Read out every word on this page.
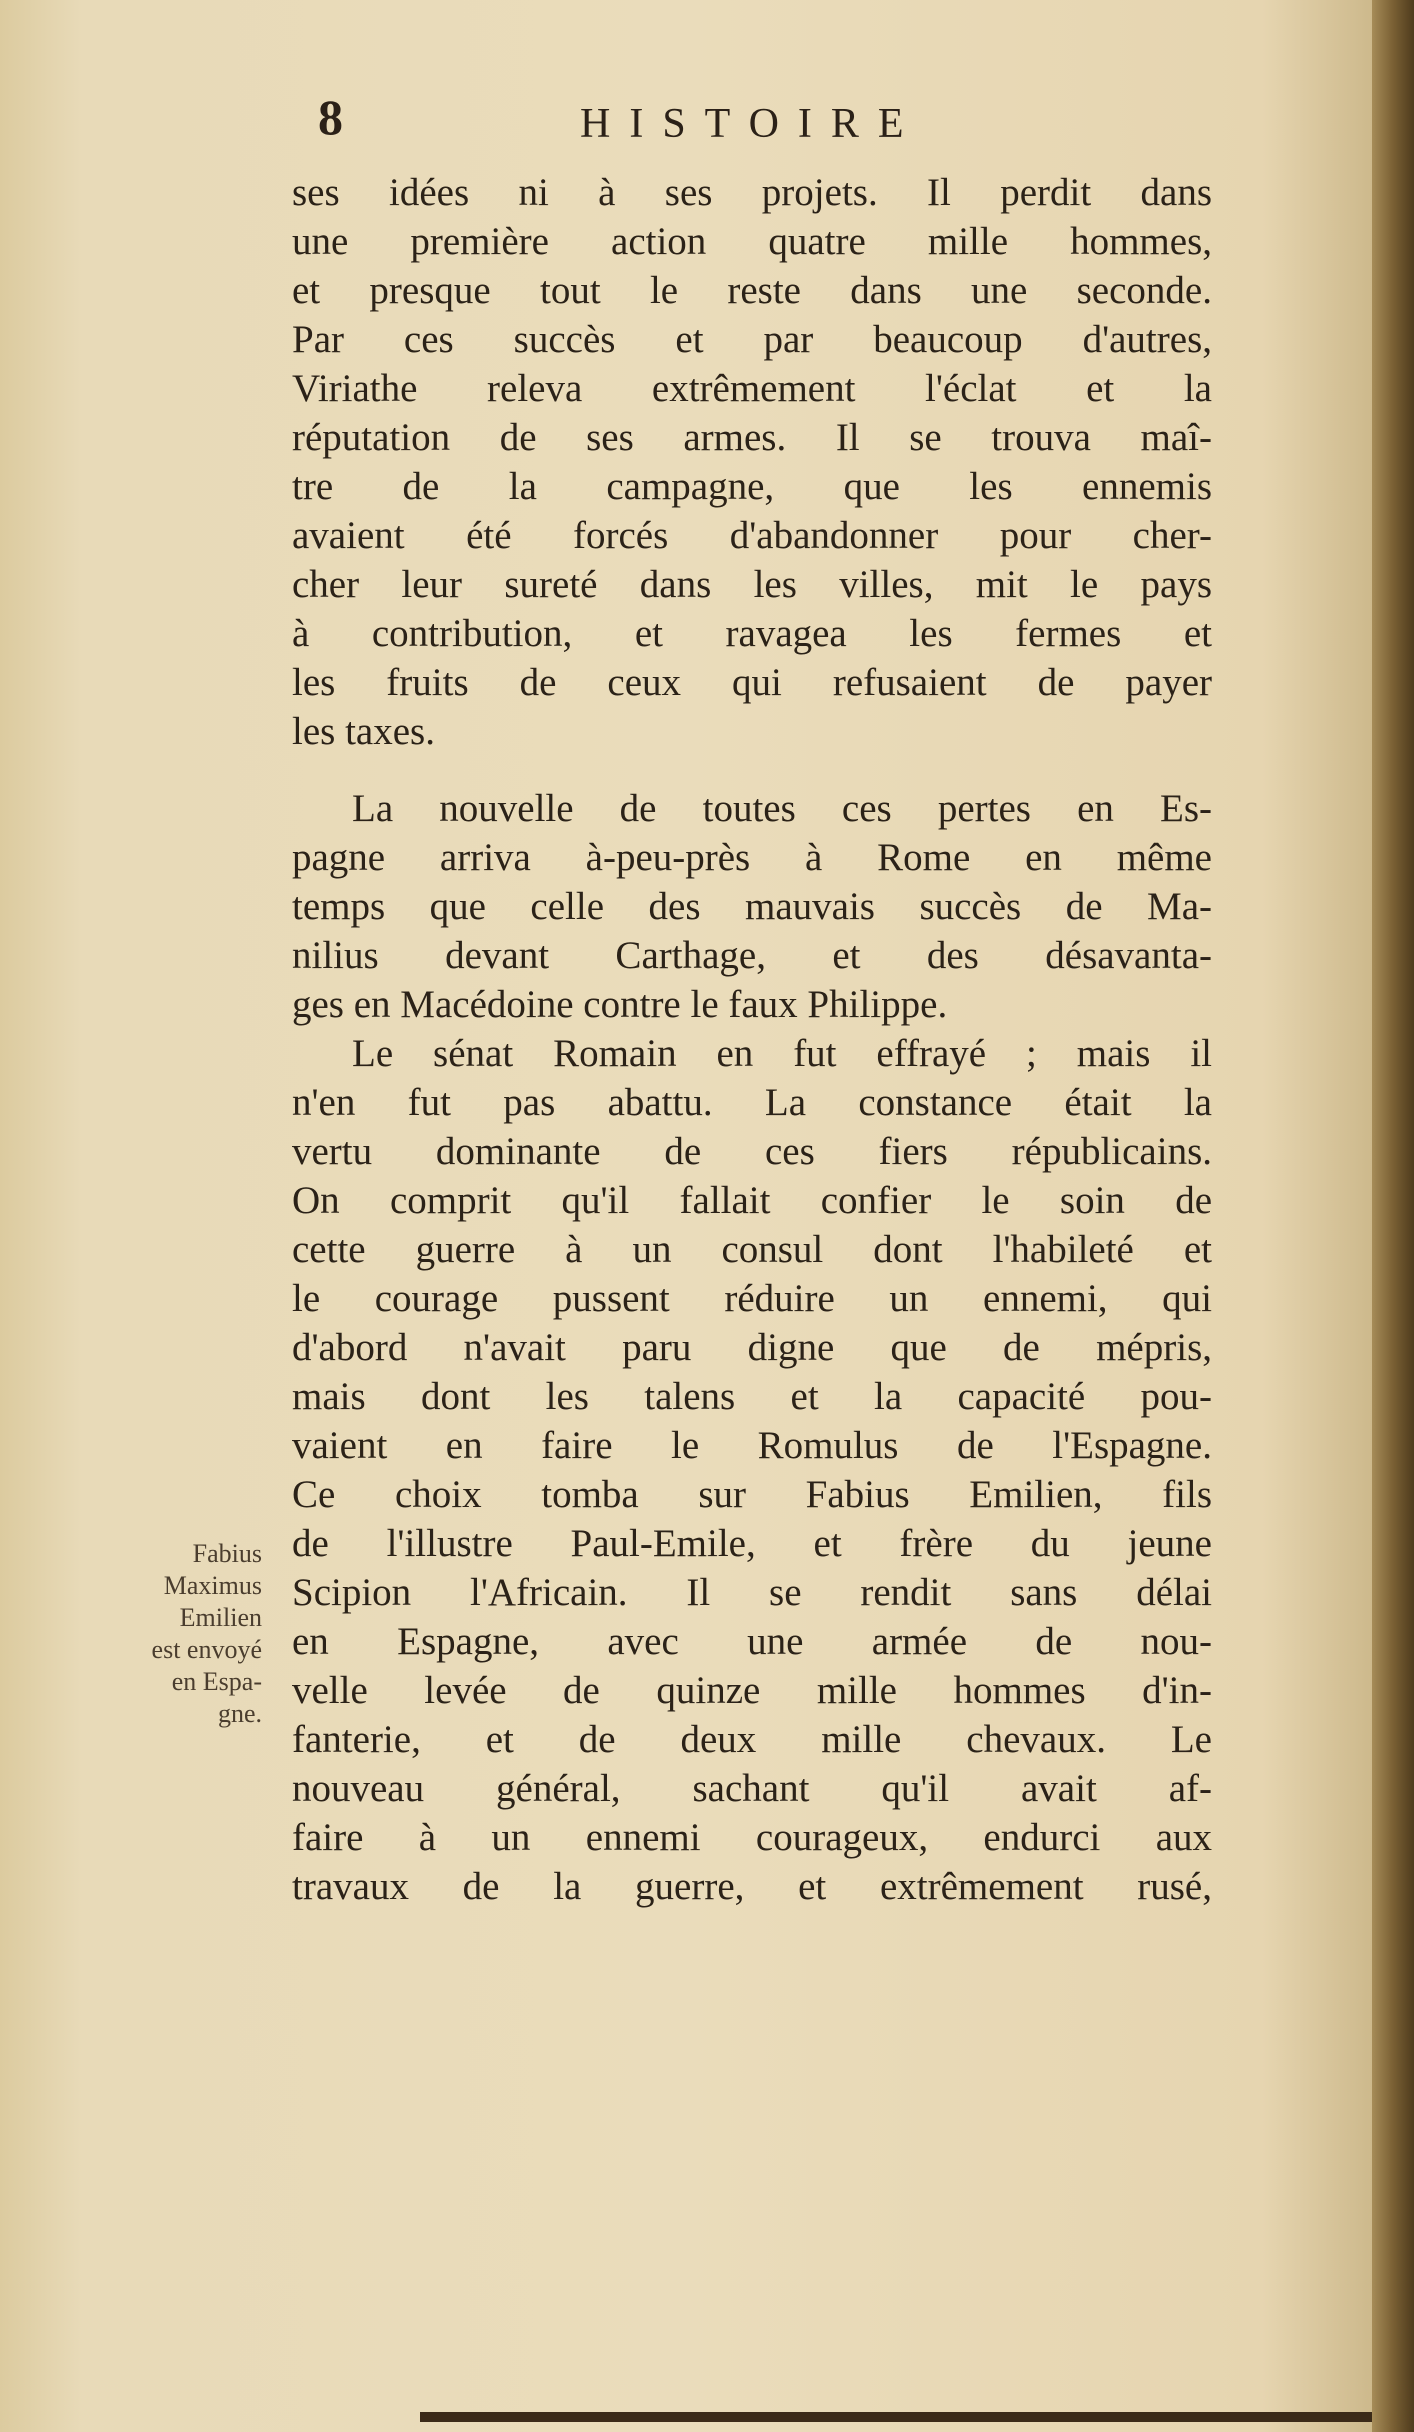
8	HISTOIRE
ses idées ni à ses projets. Il perdit dans
une première action quatre mille hommes,
et presque tout le reste dans une seconde.
Par ces succès et par beaucoup d'autres,
Viriathe releva extrêmement l'éclat et la
réputation de ses armes. Il se trouva maî-
tre de la campagne, que les ennemis
avaient été forcés d'abandonner pour cher-
cher leur sureté dans les villes, mit le pays
à contribution, et ravagea les fermes et
les fruits de ceux qui refusaient de payer
les taxes.
La nouvelle de toutes ces pertes en Es-
pagne arriva à-peu-près à Rome en même
temps que celle des mauvais succès de Ma-
nilius devant Carthage, et des désavanta-
ges en Macédoine contre le faux Philippe.
Le sénat Romain en fut effrayé ; mais il
n'en fut pas abattu. La constance était la
vertu dominante de ces fiers républicains.
On comprit qu'il fallait confier le soin de
cette guerre à un consul dont l'habileté et
le courage pussent réduire un ennemi, qui
d'abord n'avait paru digne que de mépris,
mais dont les talens et la capacité pou-
vaient en faire le Romulus de l'Espagne.
Ce choix tomba sur Fabius Emilien, fils
de l'illustre Paul-Emile, et frère du jeune
Scipion l'Africain. Il se rendit sans délai
en Espagne, avec une armée de nou-
velle levée de quinze mille hommes d'in-
fanterie, et de deux mille chevaux. Le
nouveau général, sachant qu'il avait af-
faire à un ennemi courageux, endurci aux
travaux de la guerre, et extrêmement rusé,
Fabius
Maximus
Emilien
est envoyé
en Espa-
gne.
